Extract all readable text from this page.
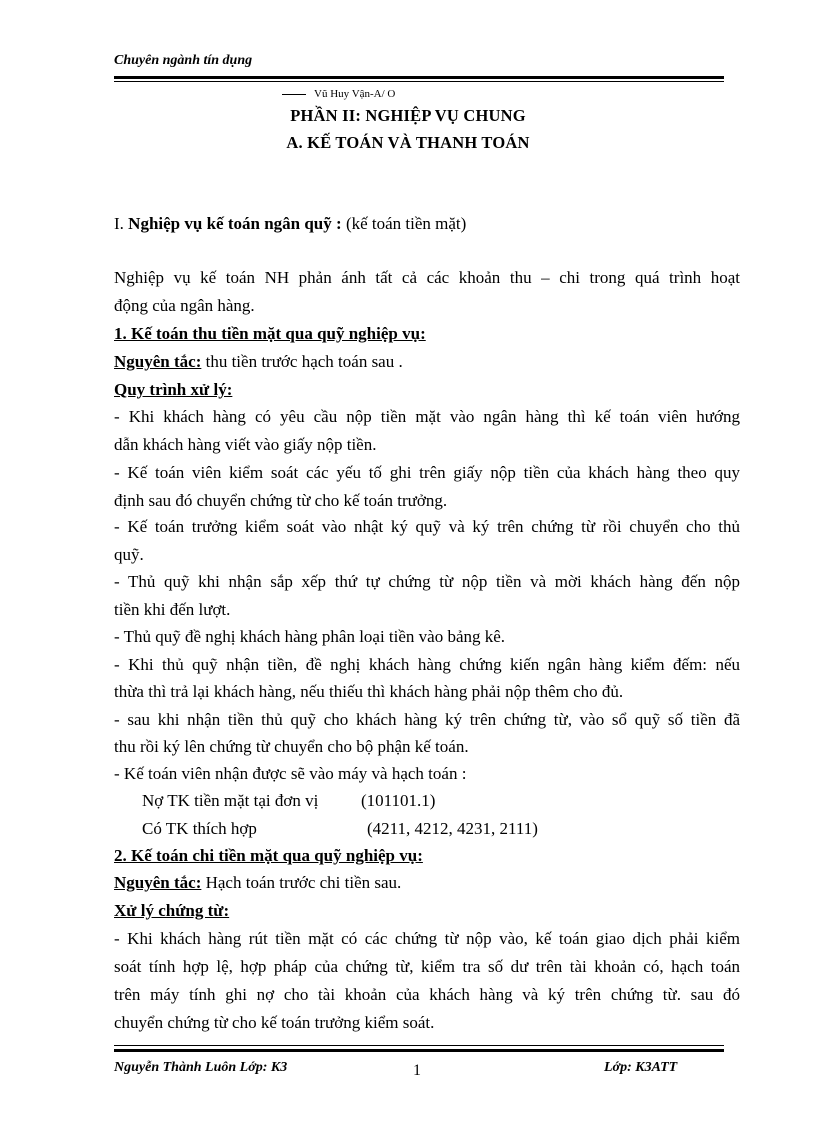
Chuyên ngành tín dụng
Vũ Huy Vận-A/ O
PHẦN II: NGHIỆP VỤ CHUNG
A. KẾ TOÁN VÀ THANH TOÁN
I. Nghiệp vụ kế toán ngân quỹ : (kế toán tiền mặt)
Nghiệp vụ kế toán NH phản ánh tất cả các khoản thu – chi trong quá trình hoạt
động của ngân hàng.
1. Kế toán thu tiền mặt qua quỹ nghiệp vụ:
Nguyên tắc: thu tiền trước hạch toán sau .
Quy trình xử lý:
- Khi khách hàng có yêu cầu nộp tiền mặt vào ngân hàng thì kế toán viên hướng
dẫn khách hàng viết vào giấy nộp tiền.
- Kế toán viên kiểm soát các yếu tố ghi trên giấy nộp tiền của khách hàng theo quy
định sau đó chuyển chứng từ cho kế toán trưởng.
- Kế toán trưởng kiểm soát vào nhật ký quỹ và ký trên chứng từ rồi chuyển cho thủ
quỹ.
- Thủ quỹ khi nhận sắp xếp thứ tự chứng từ nộp tiền và mời khách hàng đến nộp
tiền khi đến lượt.
- Thủ quỹ đề nghị khách hàng phân loại tiền vào bảng kê.
- Khi thủ quỹ nhận tiền, đề nghị khách hàng chứng kiến ngân hàng kiểm đếm: nếu
thừa thì trả lại khách hàng, nếu thiếu thì khách hàng phải nộp thêm cho đủ.
- sau khi nhận tiền thủ quỹ cho khách hàng ký trên chứng từ, vào sổ quỹ số tiền đã
thu rồi ký lên chứng từ chuyển cho bộ phận kế toán.
- Kế toán viên nhận được sẽ vào máy và hạch toán :
Nợ TK tiền mặt tại đơn vị	(101101.1)
Có TK thích hợp	(4211, 4212, 4231, 2111)
2. Kế toán chi tiền mặt qua quỹ nghiệp vụ:
Nguyên tắc: Hạch toán trước chi tiền sau.
Xử lý chứng từ:
- Khi khách hàng rút tiền mặt có các chứng từ nộp vào, kế toán giao dịch phải kiểm
soát tính hợp lệ, hợp pháp của chứng từ, kiểm tra số dư trên tài khoản có, hạch toán
trên máy tính ghi nợ cho tài khoản của khách hàng và ký trên chứng từ. sau đó
chuyển chứng từ cho kế toán trưởng kiểm soát.
Nguyễn Thành Luôn Lớp: K3	1	Lớp: K3ATT
